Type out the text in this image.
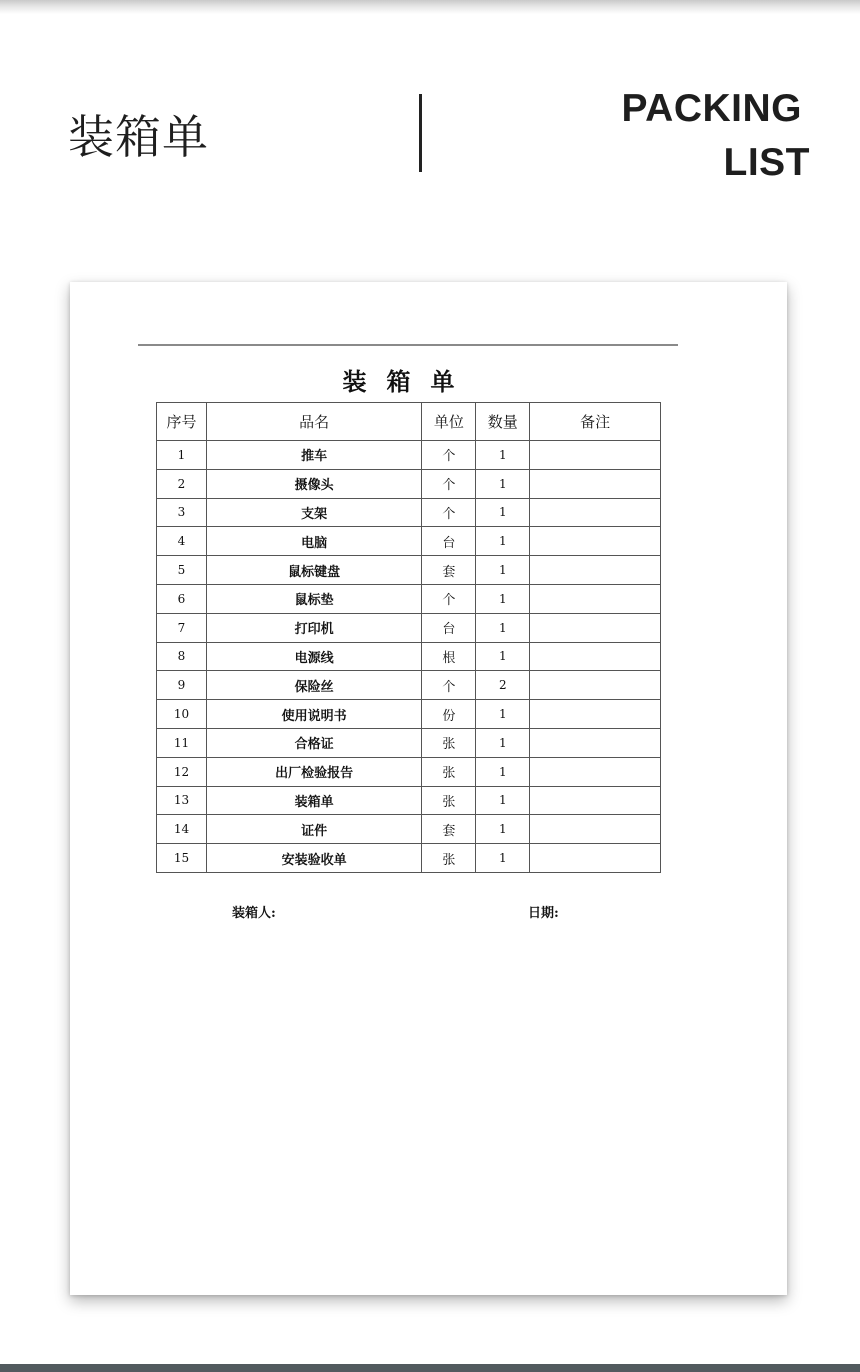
装箱单
PACKING
LIST
装箱单
序号	品名	单位	数量	备注
1	推车	个	1	
2	摄像头	个	1	
3	支架	个	1	
4	电脑	台	1	
5	鼠标键盘	套	1	
6	鼠标垫	个	1	
7	打印机	台	1	
8	电源线	根	1	
9	保险丝	个	2	
10	使用说明书	份	1	
11	合格证	张	1	
12	出厂检验报告	张	1	
13	装箱单	张	1	
14	证件	套	1	
15	安装验收单	张	1	
装箱人:	日期:
